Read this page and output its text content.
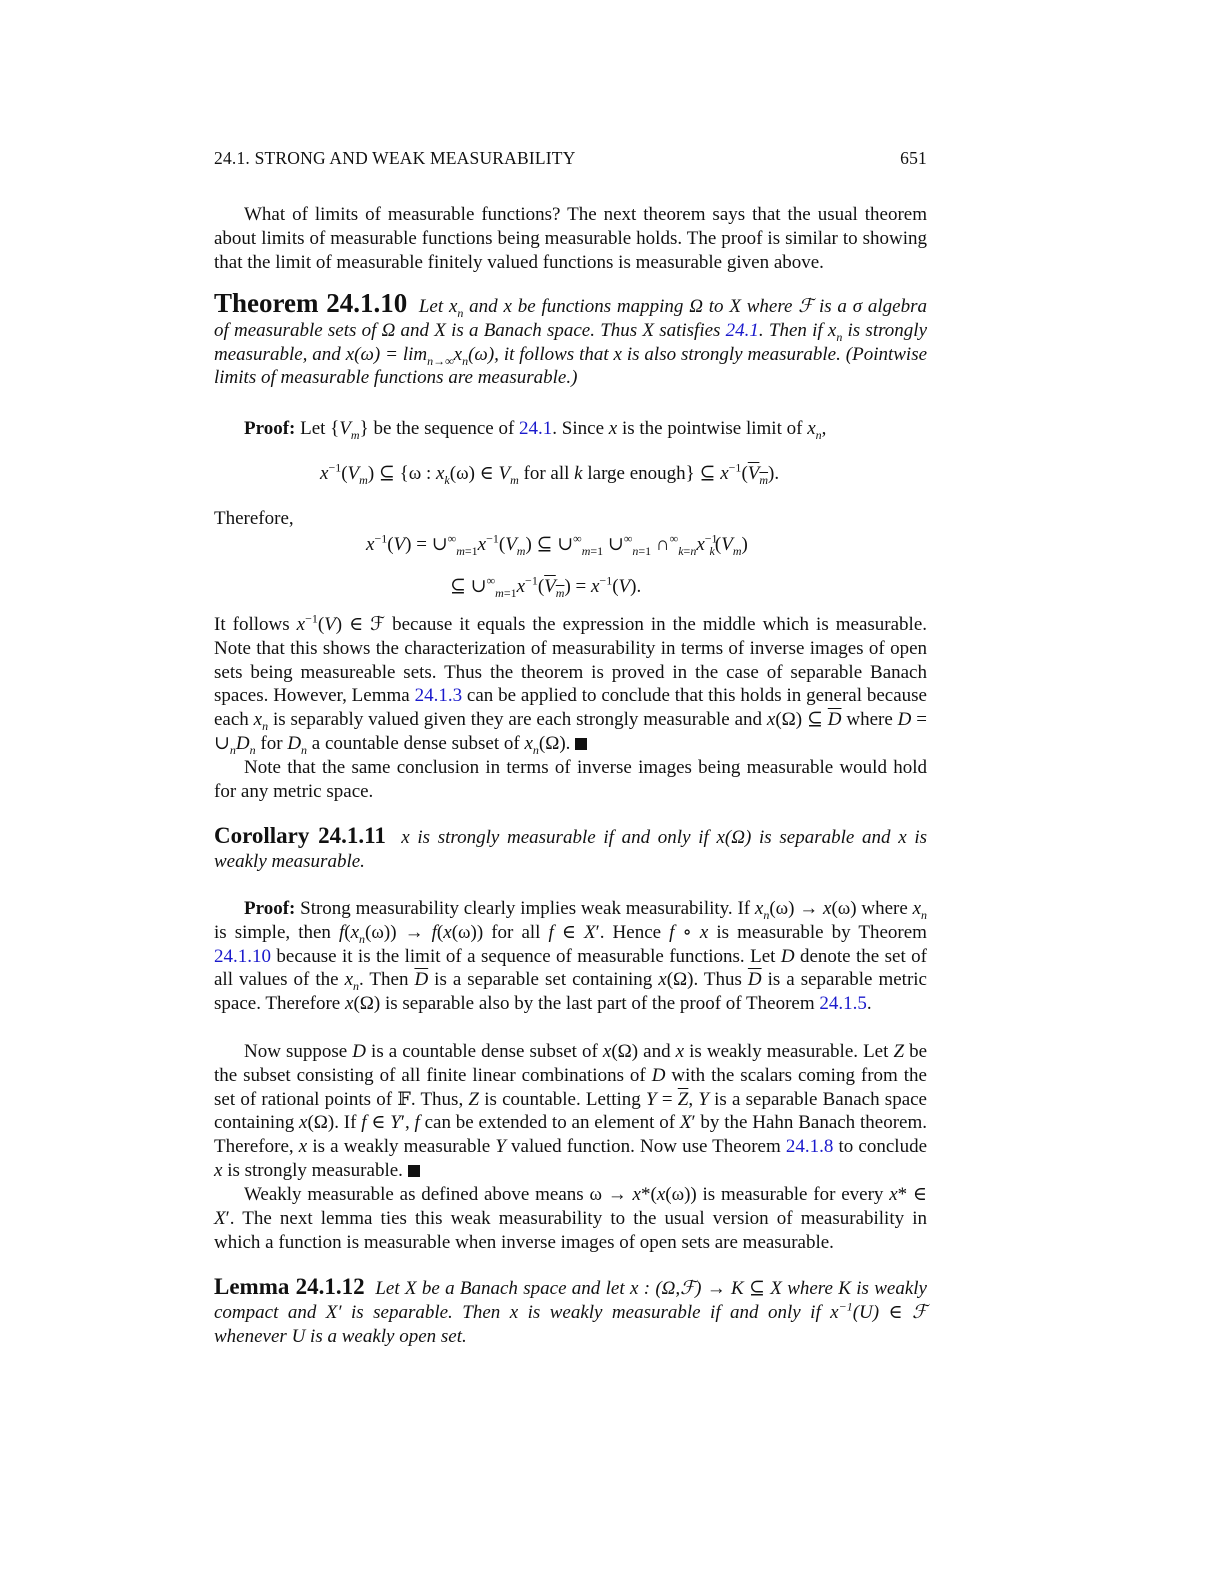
24.1. STRONG AND WEAK MEASURABILITY	651
What of limits of measurable functions? The next theorem says that the usual theorem about limits of measurable functions being measurable holds. The proof is similar to showing that the limit of measurable finitely valued functions is measurable given above.
Theorem 24.1.10  Let $x_n$ and x be functions mapping Ω to X where ℱ is a σ algebra of measurable sets of Ω and X is a Banach space. Thus X satisfies 24.1. Then if $x_n$ is strongly measurable, and $x(\omega) = \lim_{n\to\infty}x_n(\omega)$, it follows that x is also strongly measurable. (Pointwise limits of measurable functions are measurable.)
Proof: Let $\{V_m\}$ be the sequence of 24.1. Since x is the pointwise limit of $x_n$,
$x^{-1}(V_m)$ ⊆ {ω : $x_k(\omega)$ ∈ $V_m$ for all k large enough} ⊆ $x^{-1}(V_m)$.
Therefore,
$x^{-1}(V)$ = $\cup^\infty_{m=1}x^{-1}(V_m)$ ⊆ $\cup^\infty_{m=1}$ $\cup^\infty_{n=1}$ $\cap^\infty_{k=n}x^{-1}_k(V_m)$
⊆ $\cup^\infty_{m=1}x^{-1}(V_m) = x^{-1}(V)$.
It follows $x^{-1}(V)$ ∈ ℱ because it equals the expression in the middle which is measurable. Note that this shows the characterization of measurability in terms of inverse images of open sets being measureable sets. Thus the theorem is proved in the case of separable Banach spaces. However, Lemma 24.1.3 can be applied to conclude that this holds in general because each $x_n$ is separably valued given they are each strongly measurable and x(Ω) ⊆ $\overline{D}$ where $D = \cup_nD_n$ for $D_n$ a countable dense subset of $x_n(\Omega)$.
Note that the same conclusion in terms of inverse images being measurable would hold for any metric space.
Corollary 24.1.11 x is strongly measurable if and only if x(Ω) is separable and x is weakly measurable.
Proof: Strong measurability clearly implies weak measurability. If $x_n(\omega) \to x(\omega)$ where $x_n$ is simple, then $f(x_n(\omega)) \to f(x(\omega))$ for all f ∈ X′. Hence f ∘ x is measurable by Theorem 24.1.10 because it is the limit of a sequence of measurable functions. Let D denote the set of all values of the $x_n$. Then $\overline{D}$ is a separable set containing x(Ω). Thus $\overline{D}$ is a separable metric space. Therefore x(Ω) is separable also by the last part of the proof of Theorem 24.1.5.
Now suppose D is a countable dense subset of x(Ω) and x is weakly measurable. Let Z be the subset consisting of all finite linear combinations of D with the scalars coming from the set of rational points of 𝔽. Thus, Z is countable. Letting $Y = \overline{Z}$, Y is a separable Banach space containing x(Ω). If f ∈ Y′, f can be extended to an element of X′ by the Hahn Banach theorem. Therefore, x is a weakly measurable Y valued function. Now use Theorem 24.1.8 to conclude x is strongly measurable.
Weakly measurable as defined above means ω → x*(x(ω)) is measurable for every x* ∈ X′. The next lemma ties this weak measurability to the usual version of measurability in which a function is measurable when inverse images of open sets are measurable.
Lemma 24.1.12  Let X be a Banach space and let x : (Ω,ℱ) → K ⊆ X where K is weakly compact and X′ is separable. Then x is weakly measurable if and only if $x^{-1}(U)$ ∈ ℱ whenever U is a weakly open set.
